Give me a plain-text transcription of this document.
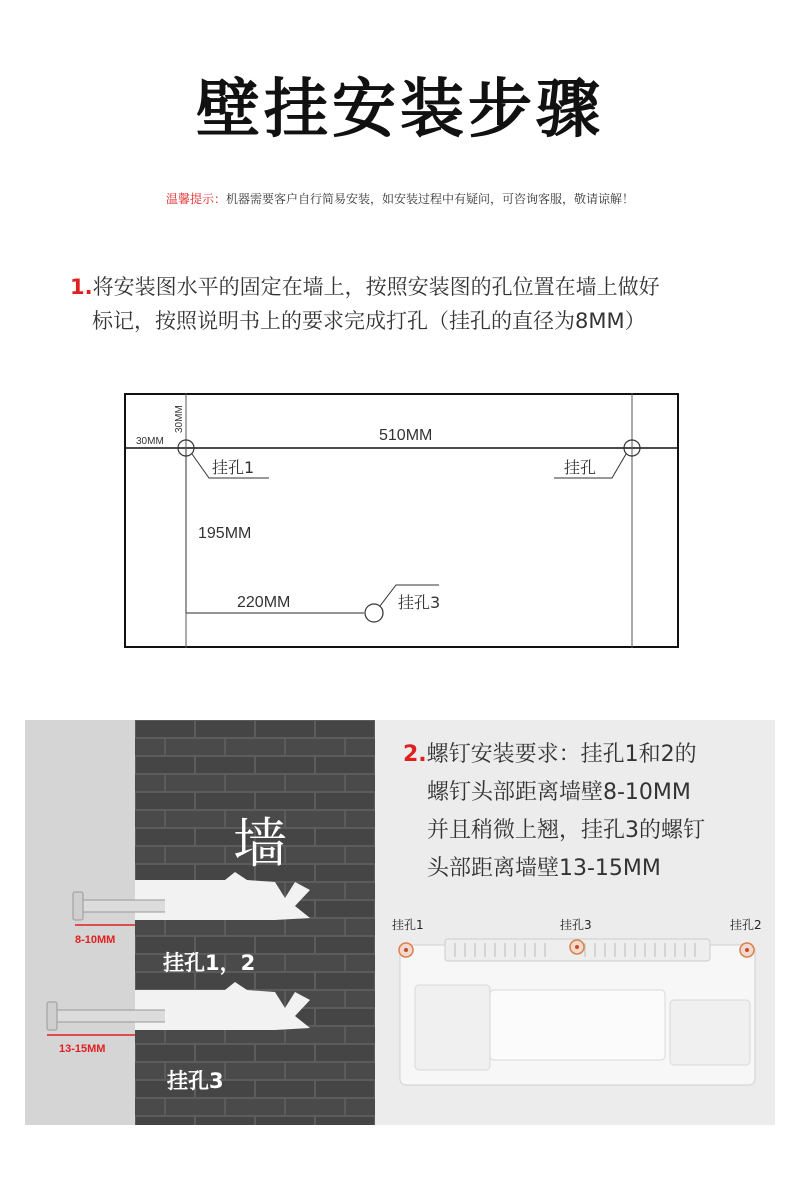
壁挂安装步骤
温馨提示：机器需要客户自行简易安装，如安装过程中有疑问，可咨询客服，敬请谅解！
1.将安装图水平的固定在墙上，按照安装图的孔位置在墙上做好
标记，按照说明书上的要求完成打孔（挂孔的直径为8MM）
30MM
30MM
510MM
195MM
220MM
挂孔1	挂孔
挂孔3
墙
挂孔1，2
挂孔3
8-10MM
13-15MM
2.螺钉安装要求：挂孔1和2的
螺钉头部距离墙壁8-10MM
并且稍微上翘，挂孔3的螺钉
头部距离墙壁13-15MM
挂孔1	挂孔3	挂孔2
